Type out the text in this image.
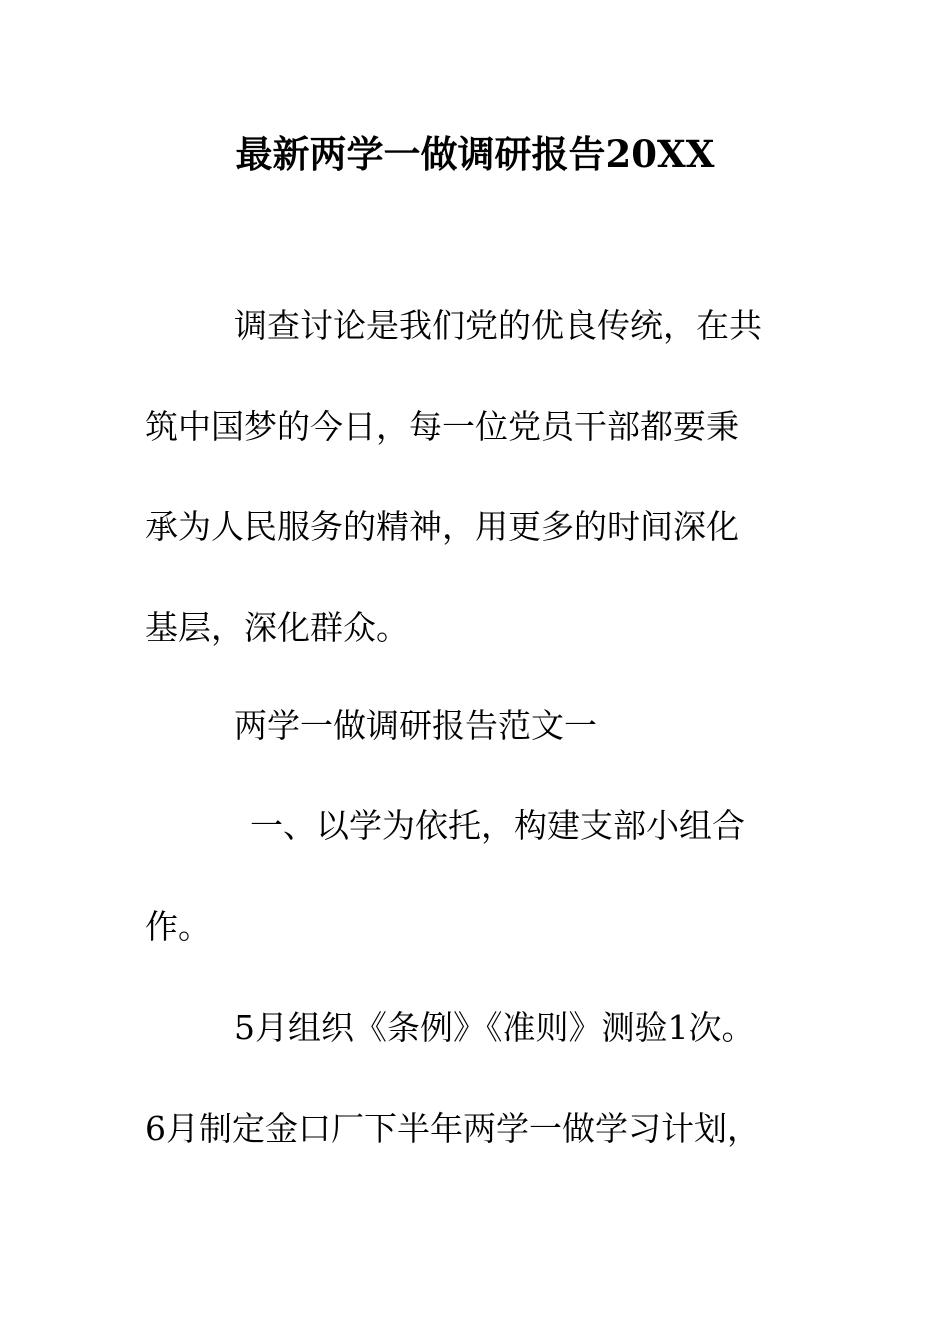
最新两学一做调研报告20XX
调查讨论是我们党的优良传统，在共
筑中国梦的今日，每一位党员干部都要秉
承为人民服务的精神，用更多的时间深化
基层，深化群众。
两学一做调研报告范文一
一、以学为依托，构建支部小组合
作。
5月组织《条例》《准则》测验1次。
6月制定金口厂下半年两学一做学习计划，
